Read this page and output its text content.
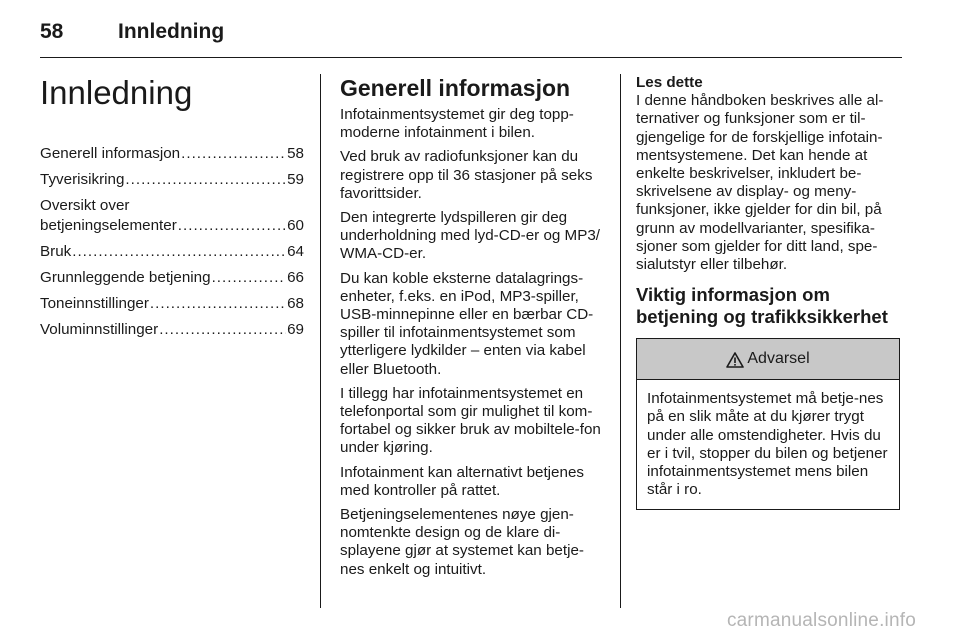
58	Innledning
Innledning
Generell informasjon .....	58
Tyverisikring .....	59
Oversikt over
betjeningselementer .....	60
Bruk .....	64
Grunnleggende betjening .....	66
Toneinnstillinger .....	68
Voluminnstillinger .....	69
Generell informasjon

Infotainmentsystemet gir deg topp-moderne infotainment i bilen.

Ved bruk av radiofunksjoner kan du registrere opp til 36 stasjoner på seks favorittsider.

Den integrerte lydspilleren gir deg underholdning med lyd-CD-er og MP3/ WMA-CD-er.

Du kan koble eksterne datalagrings-enheter, f.eks. en iPod, MP3-spiller, USB-minnepinne eller en bærbar CD-spiller til infotainmentsystemet som ytterligere lydkilder – enten via kabel eller Bluetooth.

I tillegg har infotainmentsystemet en telefonportal som gir mulighet til kom-fortabel og sikker bruk av mobiltele-fon under kjøring.

Infotainment kan alternativt betjenes med kontroller på rattet.

Betjeningselementenes nøye gjen-nomtenkte design og de klare di-splayene gjør at systemet kan betje-nes enkelt og intuitivt.

Les dette

I denne håndboken beskrives alle al-ternativer og funksjoner som er til-gjengelige for de forskjellige infotain-mentsystemene. Det kan hende at enkelte beskrivelser, inkludert be-skrivelsene av display- og meny-funksjoner, ikke gjelder for din bil, på grunn av modellvarianter, spesifika-sjoner som gjelder for ditt land, spe-sialutstyr eller tilbehør.

Viktig informasjon om betjening og trafikksikkerhet
Advarsel

Infotainmentsystemet må betje-nes på en slik måte at du kjører trygt under alle omstendigheter. Hvis du er i tvil, stopper du bilen og betjener infotainmentsystemet mens bilen står i ro.

carmanualsonline.info
